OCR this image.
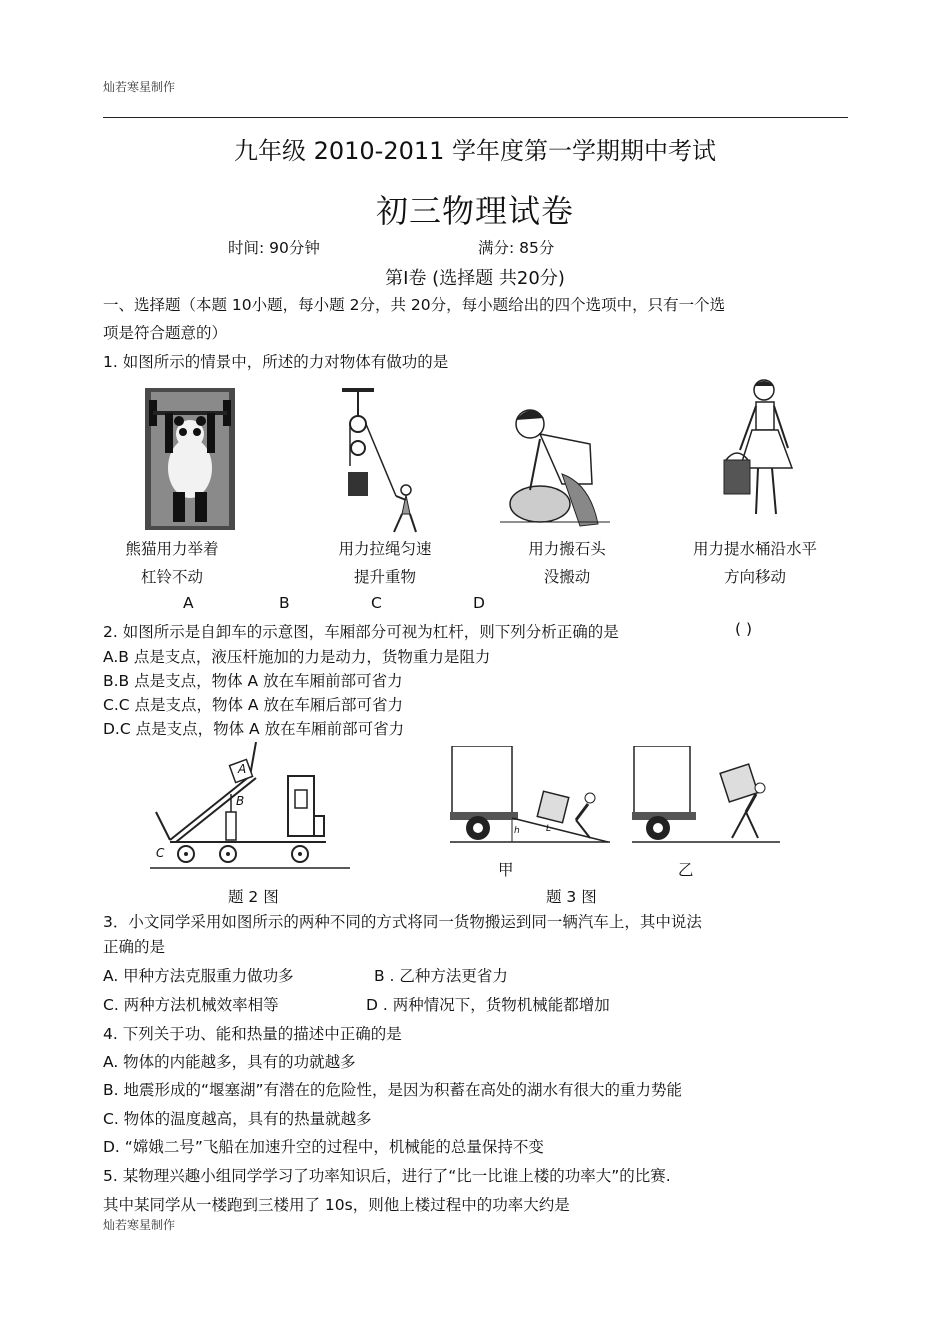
灿若寒星制作
九年级 2010-2011 学年度第一学期期中考试
初三物理试卷
时间: 90分钟	满分: 85分
第Ⅰ卷 (选择题 共20分)
一、选择题（本题 10小题，每小题 2分，共 20分，每小题给出的四个选项中，只有一个选
项是符合题意的）
1. 如图所示的情景中，所述的力对物体有做功的是
熊猫用力举着
杠铃不动
用力拉绳匀速
提升重物
用力搬石头
没搬动
用力提水桶沿水平
方向移动
A	B	C	D
2. 如图所示是自卸车的示意图，车厢部分可视为杠杆，则下列分析正确的是	( )
A.B 点是支点，液压杆施加的力是动力，货物重力是阻力
B.B 点是支点，物体 A 放在车厢前部可省力
C.C 点是支点，物体 A 放在车厢后部可省力
D.C 点是支点，物体 A 放在车厢前部可省力
A
B
C
题 2 图
h	L
甲	乙
题 3 图
3．小文同学采用如图所示的两种不同的方式将同一货物搬运到同一辆汽车上，其中说法
正确的是
A. 甲种方法克服重力做功多	B . 乙种方法更省力
C. 两种方法机械效率相等	D . 两种情况下，货物机械能都增加
4. 下列关于功、能和热量的描述中正确的是
A. 物体的内能越多，具有的功就越多
B. 地震形成的“堰塞湖”有潜在的危险性，是因为积蓄在高处的湖水有很大的重力势能
C. 物体的温度越高，具有的热量就越多
D. “嫦娥二号”飞船在加速升空的过程中，机械能的总量保持不变
5. 某物理兴趣小组同学学习了功率知识后，进行了“比一比谁上楼的功率大”的比赛.
其中某同学从一楼跑到三楼用了 10s，则他上楼过程中的功率大约是
灿若寒星制作
